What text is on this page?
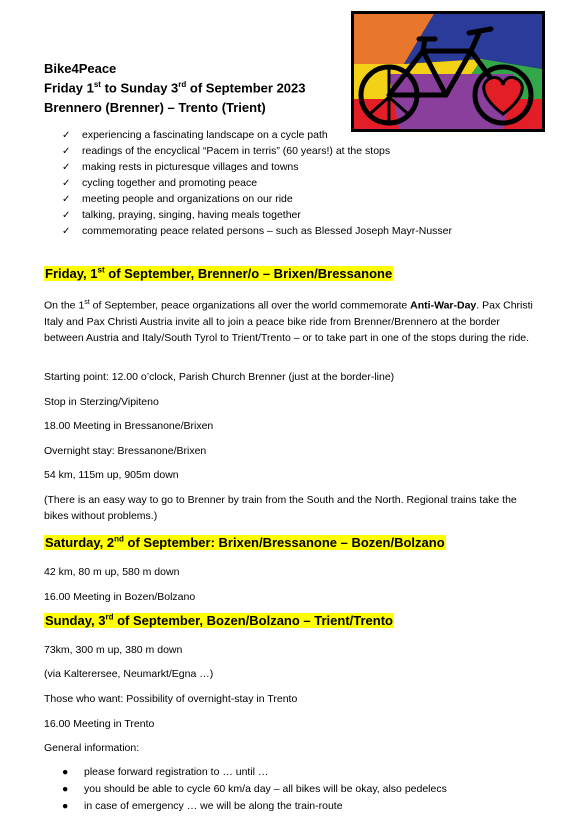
Bike4Peace
Friday 1st to Sunday 3rd of September 2023
Brennero (Brenner) – Trento (Trient)
✓ experiencing a fascinating landscape on a cycle path
✓ readings of the encyclical “Pacem in terris” (60 years!) at the stops
✓ making rests in picturesque villages and towns
✓ cycling together and promoting peace
✓ meeting people and organizations on our ride
✓ talking, praying, singing, having meals together
✓ commemorating peace related persons – such as Blessed Joseph Mayr-Nusser
Friday, 1st of September, Brenner/o – Brixen/Bressanone
On the 1st of September, peace organizations all over the world commemorate Anti-War-Day. Pax Christi Italy and Pax Christi Austria invite all to join a peace bike ride from Brenner/Brennero at the border between Austria and Italy/South Tyrol to Trient/Trento – or to take part in one of the stops during the ride.
Starting point: 12.00 o’clock, Parish Church Brenner (just at the border-line)
Stop in Sterzing/Vipiteno
18.00 Meeting in Bressanone/Brixen
Overnight stay: Bressanone/Brixen
54 km, 115m up, 905m down
(There is an easy way to go to Brenner by train from the South and the North. Regional trains take the bikes without problems.)
Saturday, 2nd of September: Brixen/Bressanone – Bozen/Bolzano
42 km, 80 m up, 580 m down
16.00 Meeting in Bozen/Bolzano
Sunday, 3rd of September, Bozen/Bolzano – Trient/Trento
73km, 300 m up, 380 m down
(via Kalterersee, Neumarkt/Egna …)
Those who want: Possibility of overnight-stay in Trento
16.00 Meeting in Trento
General information:
● please forward registration to … until …
● you should be able to cycle 60 km/a day – all bikes will be okay, also pedelecs
● in case of emergency … we will be along the train-route
